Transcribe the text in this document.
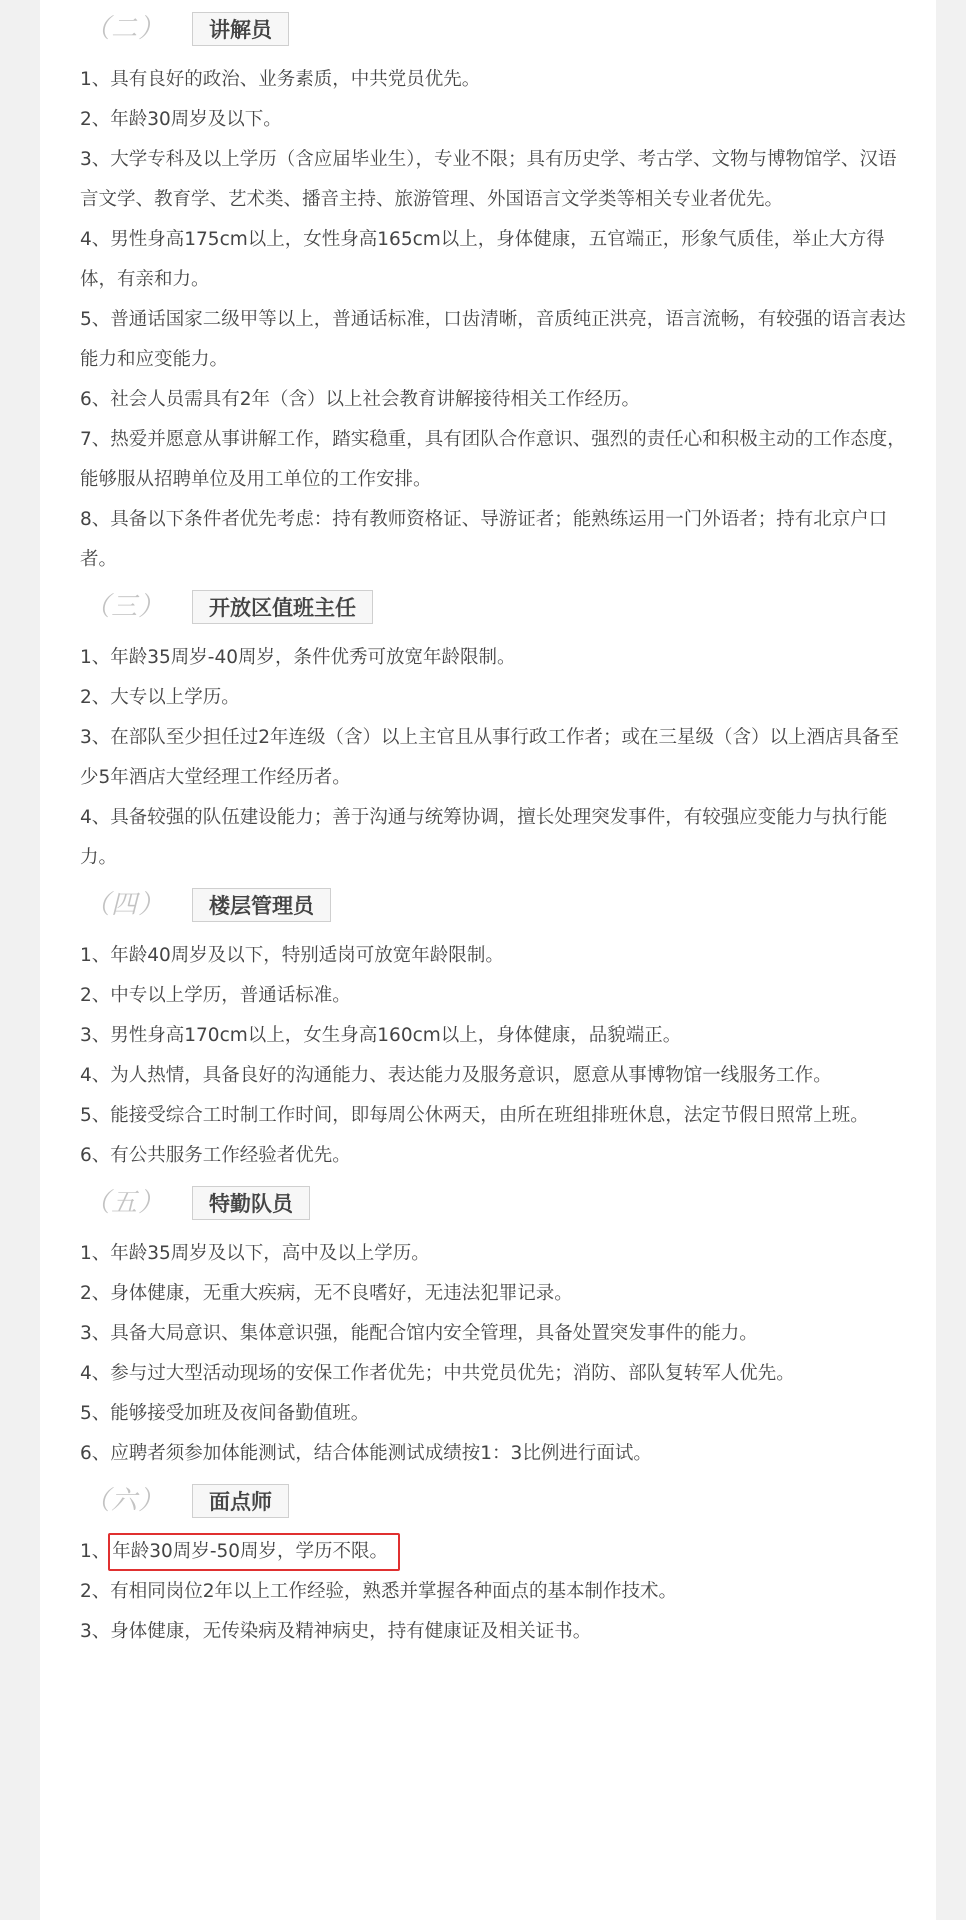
（二）	讲解员

1、具有良好的政治、业务素质，中共党员优先。

2、年龄30周岁及以下。

3、大学专科及以上学历（含应届毕业生），专业不限；具有历史学、考古学、文物与博物馆学、汉语言文学、教育学、艺术类、播音主持、旅游管理、外国语言文学类等相关专业者优先。

4、男性身高175cm以上，女性身高165cm以上，身体健康，五官端正，形象气质佳，举止大方得体，有亲和力。

5、普通话国家二级甲等以上，普通话标准，口齿清晰，音质纯正洪亮，语言流畅，有较强的语言表达能力和应变能力。

6、社会人员需具有2年（含）以上社会教育讲解接待相关工作经历。

7、热爱并愿意从事讲解工作，踏实稳重，具有团队合作意识、强烈的责任心和积极主动的工作态度，能够服从招聘单位及用工单位的工作安排。

8、具备以下条件者优先考虑：持有教师资格证、导游证者；能熟练运用一门外语者；持有北京户口者。

（三）	开放区值班主任

1、年龄35周岁-40周岁，条件优秀可放宽年龄限制。

2、大专以上学历。

3、在部队至少担任过2年连级（含）以上主官且从事行政工作者；或在三星级（含）以上酒店具备至少5年酒店大堂经理工作经历者。

4、具备较强的队伍建设能力；善于沟通与统筹协调，擅长处理突发事件，有较强应变能力与执行能力。

（四）	楼层管理员

1、年龄40周岁及以下，特别适岗可放宽年龄限制。

2、中专以上学历，普通话标准。

3、男性身高170cm以上，女生身高160cm以上，身体健康，品貌端正。

4、为人热情，具备良好的沟通能力、表达能力及服务意识，愿意从事博物馆一线服务工作。

5、能接受综合工时制工作时间，即每周公休两天，由所在班组排班休息，法定节假日照常上班。

6、有公共服务工作经验者优先。

（五）	特勤队员

1、年龄35周岁及以下，高中及以上学历。

2、身体健康，无重大疾病，无不良嗜好，无违法犯罪记录。

3、具备大局意识、集体意识强，能配合馆内安全管理，具备处置突发事件的能力。

4、参与过大型活动现场的安保工作者优先；中共党员优先；消防、部队复转军人优先。

5、能够接受加班及夜间备勤值班。

6、应聘者须参加体能测试，结合体能测试成绩按1：3比例进行面试。

（六）	面点师

1、 年龄30周岁-50周岁，学历不限。

2、有相同岗位2年以上工作经验，熟悉并掌握各种面点的基本制作技术。

3、身体健康，无传染病及精神病史，持有健康证及相关证书。
